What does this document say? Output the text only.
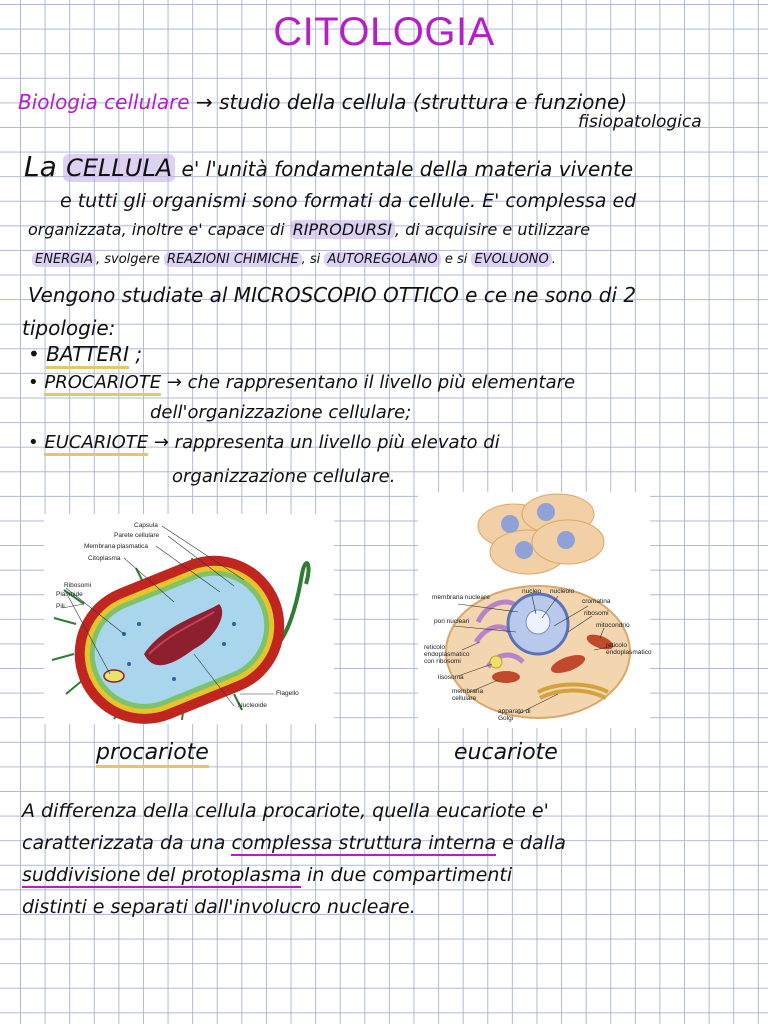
CITOLOGIA
Biologia cellulare → studio della cellula (struttura e funzione)
fisiopatologica
La CELLULA e' l'unità fondamentale della materia vivente
e tutti gli organismi sono formati da cellule. E' complessa ed
organizzata, inoltre e' capace di RIPRODURSI , di acquisire e utilizzare
ENERGIA , svolgere REAZIONI CHIMICHE , si AUTOREGOLANO e si EVOLUONO .
Vengono studiate al MICROSCOPIO OTTICO e ce ne sono di 2
tipologie:
• BATTERI ;
• PROCARIOTE → che rappresentano il livello più elementare
dell'organizzazione cellulare;
• EUCARIOTE → rappresenta un livello più elevato di
organizzazione cellulare.
Capsula
Parete cellulare
Membrana plasmatica
Citoplasma
Ribosomi
Plasmide
Pili
Flagello
Nucleoide
membrana nucleare
pori nucleari
reticolo endoplasmatico con ribosomi
lisosoma
membrana cellulare
apparato di Golgi
nucleo nucleolo
cromatina
ribosomi
mitocondrio
reticolo endoplasmatico
procariote	eucariote
A differenza della cellula procariote, quella eucariote e'
caratterizzata da una complessa struttura interna e dalla
suddivisione del protoplasma in due compartimenti
distinti e separati dall'involucro nucleare.
